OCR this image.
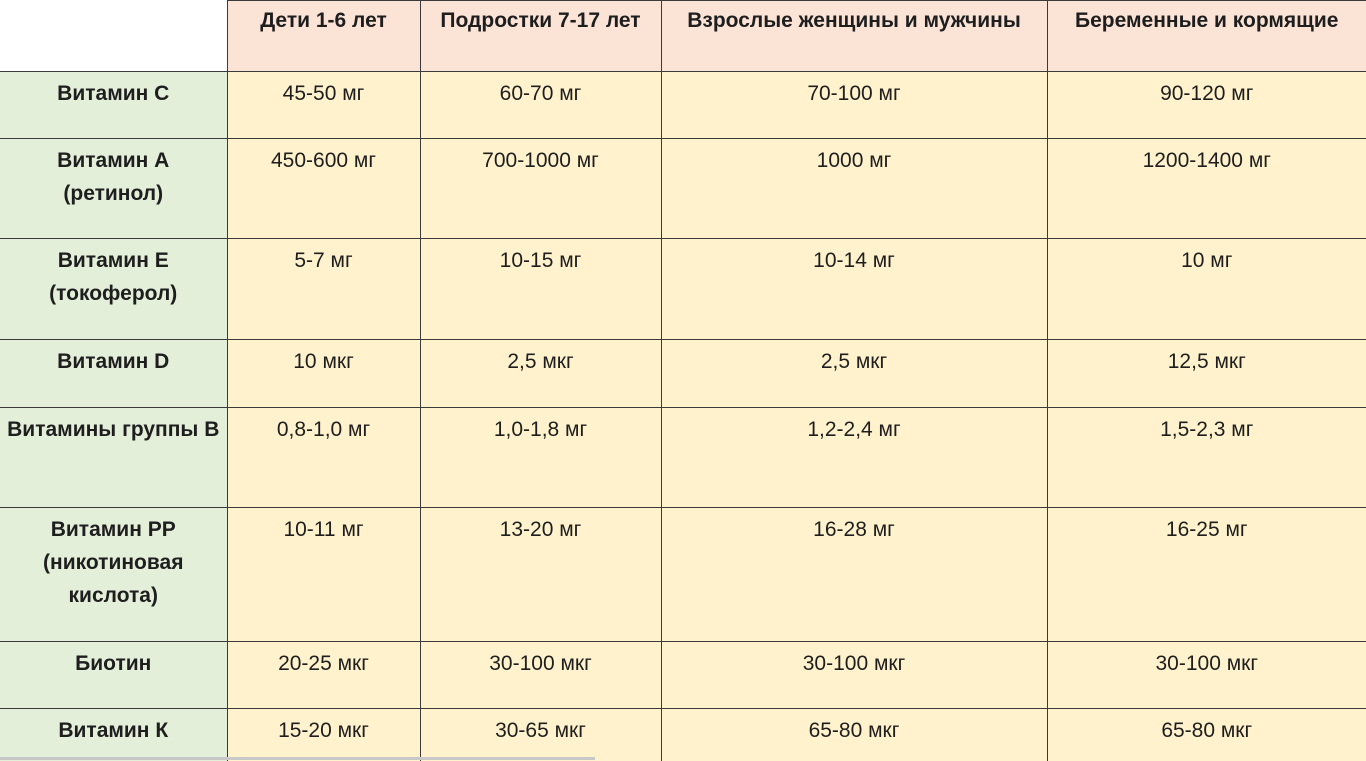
	Дети 1-6 лет	Подростки 7-17 лет	Взрослые женщины и мужчины	Беременные и кормящие
Витамин С	45-50 мг	60-70 мг	70-100 мг	90-120 мг
Витамин А (ретинол)	450-600 мг	700-1000 мг	1000 мг	1200-1400 мг
Витамин Е (токоферол)	5-7 мг	10-15 мг	10-14 мг	10 мг
Витамин D	10 мкг	2,5 мкг	2,5 мкг	12,5 мкг
Витамины группы В	0,8-1,0 мг	1,0-1,8 мг	1,2-2,4 мг	1,5-2,3 мг
Витамин РР (никотиновая кислота)	10-11 мг	13-20 мг	16-28 мг	16-25 мг
Биотин	20-25 мкг	30-100 мкг	30-100 мкг	30-100 мкг
Витамин К	15-20 мкг	30-65 мкг	65-80 мкг	65-80 мкг
